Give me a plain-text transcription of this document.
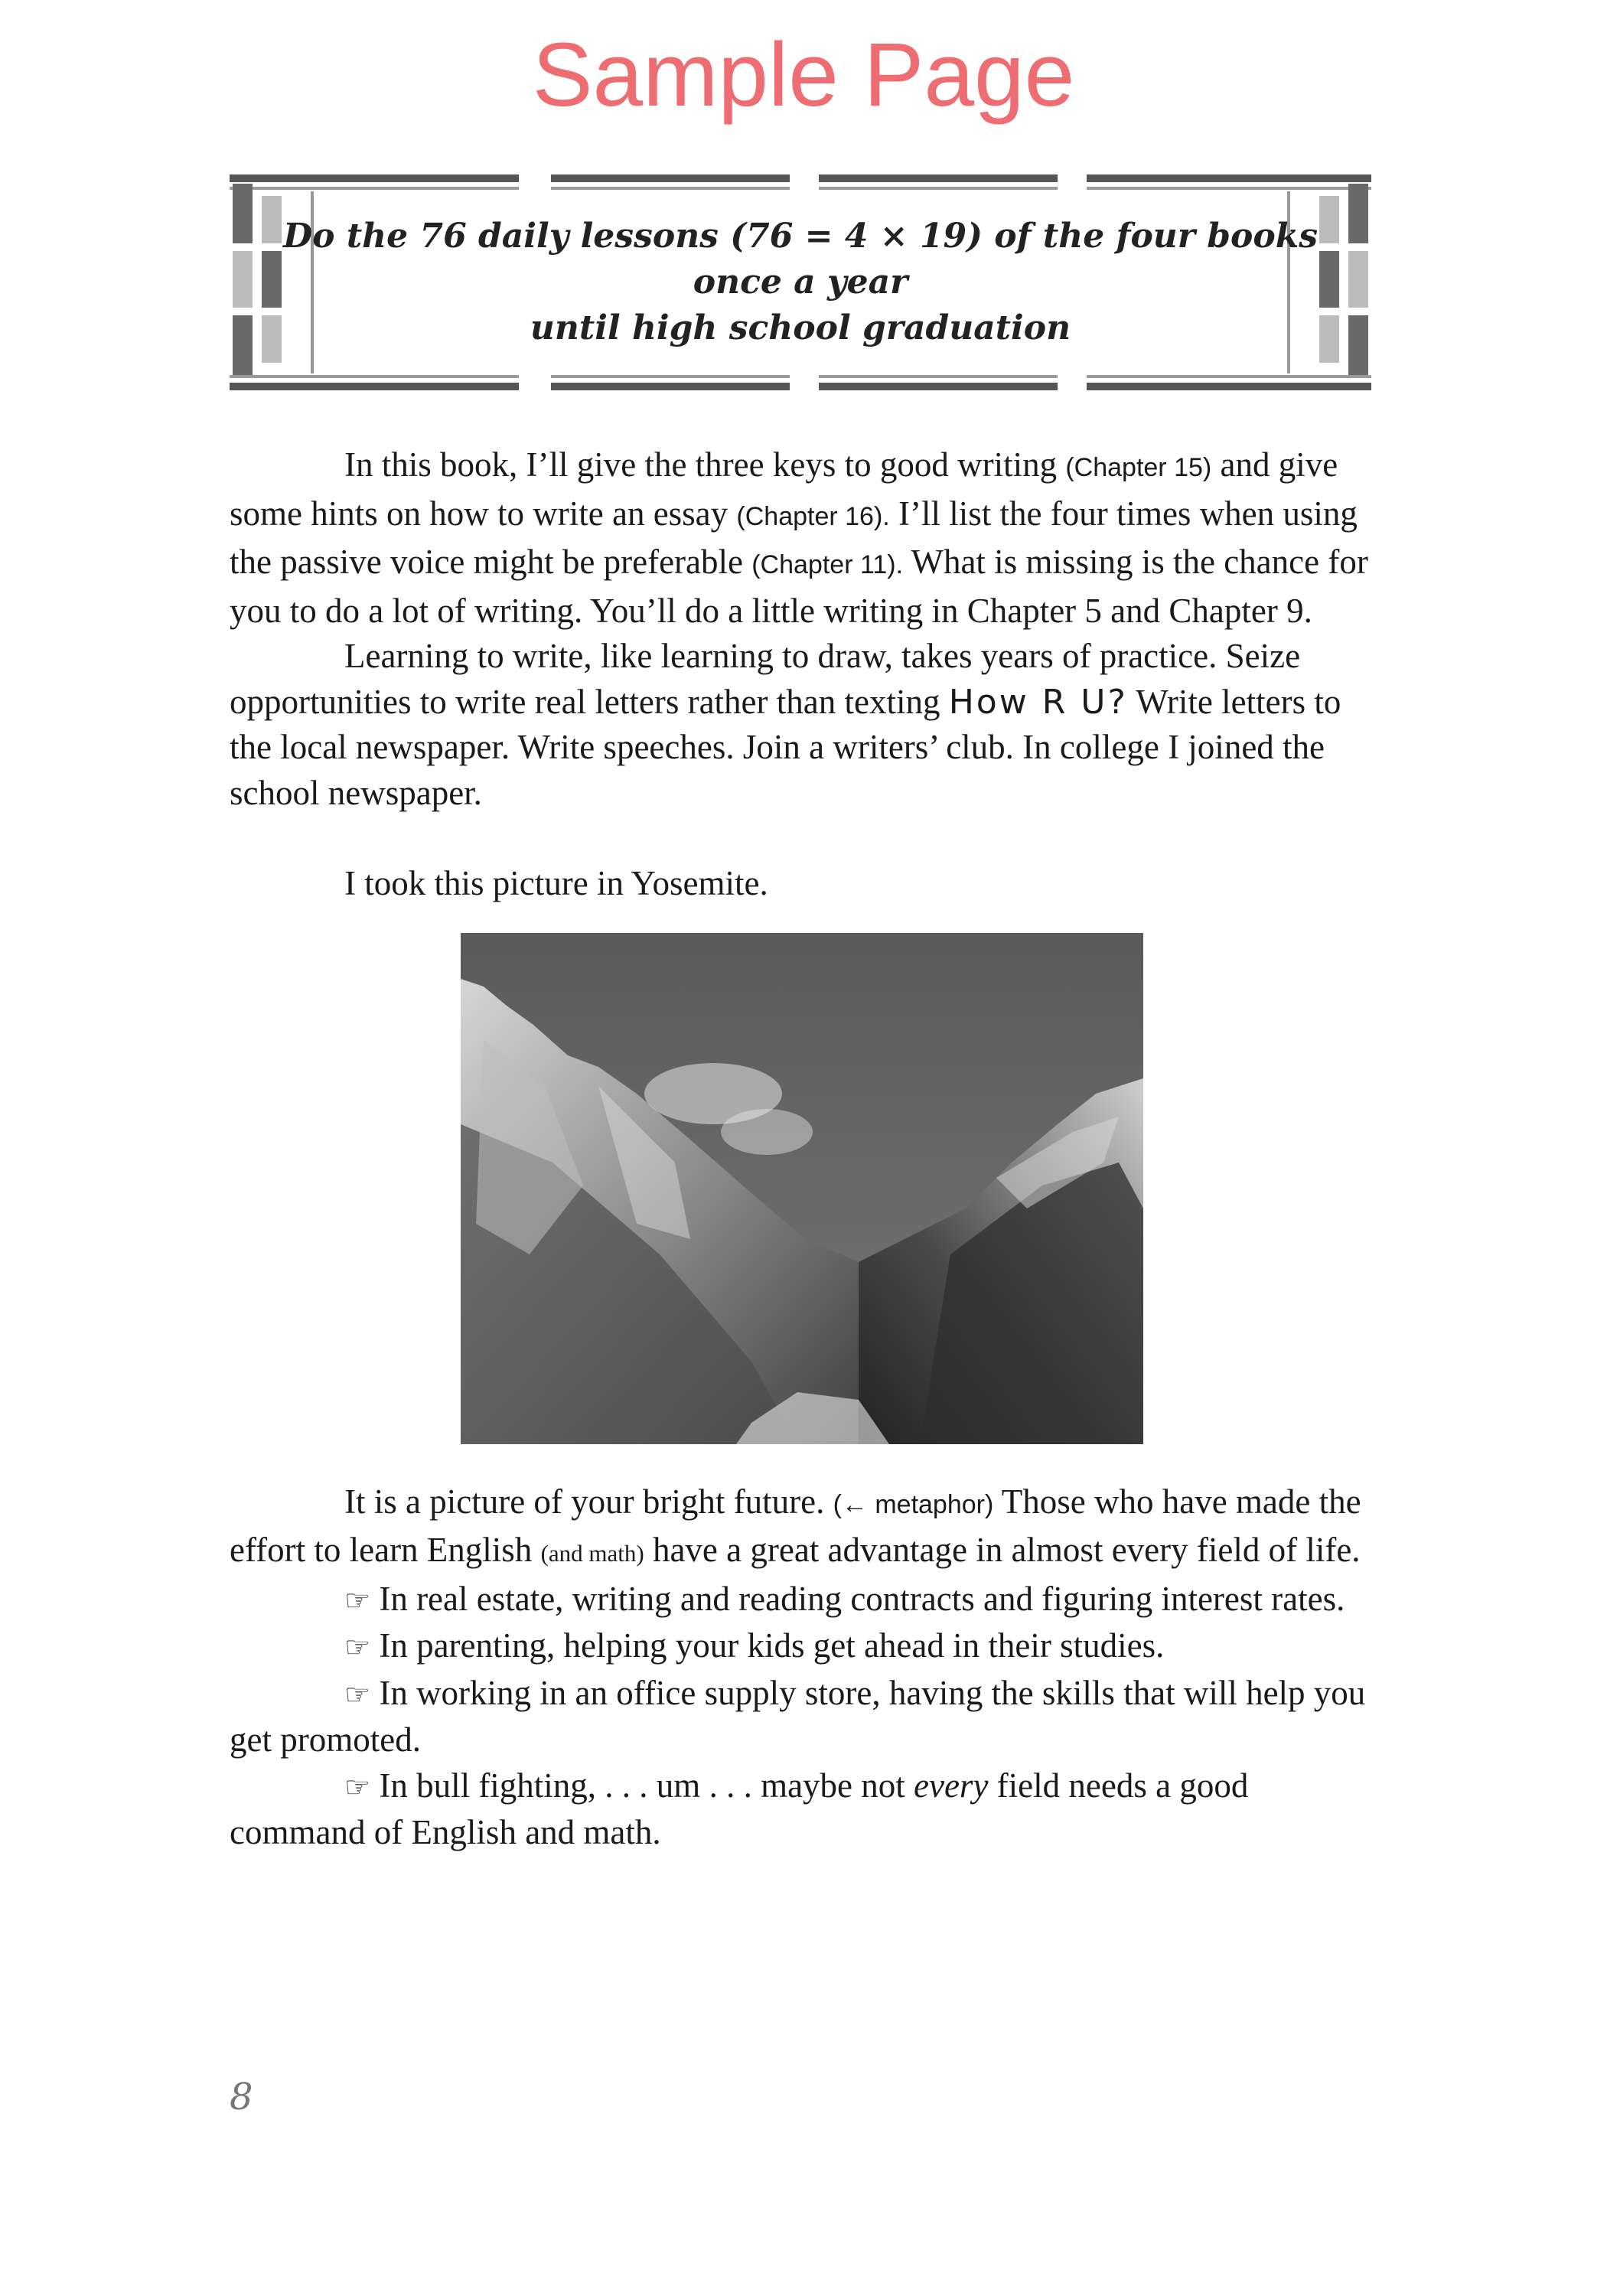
Sample Page
Do the 76 daily lessons (76 = 4 × 19) of the four books
once a year
until high school graduation

In this book, I’ll give the three keys to good writing (Chapter 15) and give some hints on how to write an essay (Chapter 16). I’ll list the four times when using the passive voice might be preferable (Chapter 11). What is missing is the chance for you to do a lot of writing. You’ll do a little writing in Chapter 5 and Chapter 9.

Learning to write, like learning to draw, takes years of practice. Seize opportunities to write real letters rather than texting How R U? Write letters to the local newspaper. Write speeches. Join a writers’ club. In college I joined the school newspaper.

I took this picture in Yosemite.

It is a picture of your bright future. (← metaphor) Those who have made the effort to learn English (and math) have a great advantage in almost every field of life.

☞ In real estate, writing and reading contracts and figuring interest rates.

☞ In parenting, helping your kids get ahead in their studies.

☞ In working in an office supply store, having the skills that will help you get promoted.

☞ In bull fighting, . . . um . . . maybe not every field needs a good command of English and math.

8
